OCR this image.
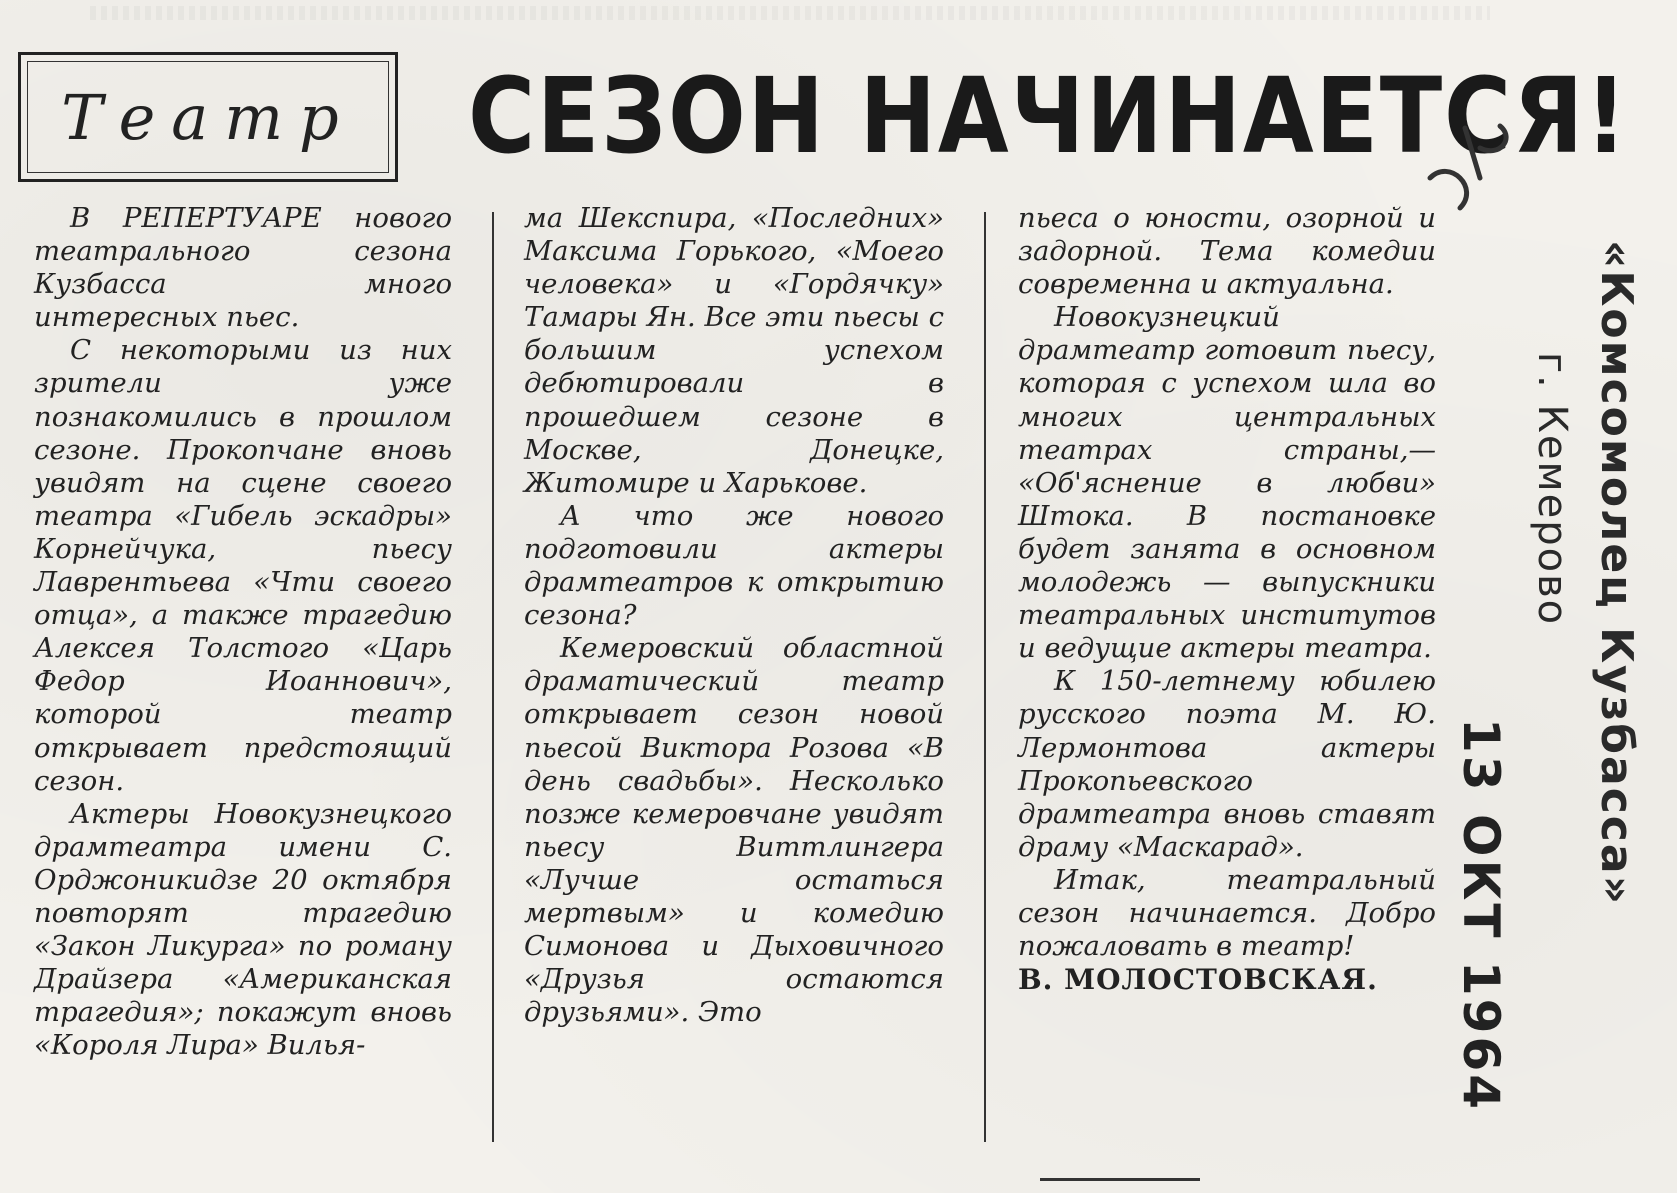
Театр	СЕЗОН НАЧИНАЕТСЯ!

В РЕПЕРТУАРЕ нового театрального сезона Кузбасса много интересных пьес.

С некоторыми из них зрители уже познакомились в прошлом сезоне. Прокопчане вновь увидят на сцене своего театра «Гибель эскадры» Корнейчука, пьесу Лаврентьева «Чти своего отца», а также трагедию Алексея Толстого «Царь Федор Иоаннович», которой театр открывает предстоящий сезон.

Актеры Новокузнецкого драмтеатра имени С. Орджоникидзе 20 октября повторят трагедию «Закон Ликурга» по роману Драйзера «Американская трагедия»; покажут вновь «Короля Лира» Вилья-

ма Шекспира, «Последних» Максима Горького, «Моего человека» и «Гордячку» Тамары Ян. Все эти пьесы с большим успехом дебютировали в прошедшем сезоне в Москве, Донецке, Житомире и Харькове.

А что же нового подготовили актеры драмтеатров к открытию сезона?

Кемеровский областной драматический театр открывает сезон новой пьесой Виктора Розова «В день свадьбы». Несколько позже кемеровчане увидят пьесу Виттлингера «Лучше остаться мертвым» и комедию Симонова и Дыховичного «Друзья остаются друзьями». Это

пьеса о юности, озорной и задорной. Тема комедии современна и актуальна.

Новокузнецкий драмтеатр готовит пьесу, которая с успехом шла во многих центральных театрах страны,— «Об'яснение в любви» Штока. В постановке будет занята в основном молодежь — выпускники театральных институтов и ведущие актеры театра.

К 150-летнему юбилею русского поэта М. Ю. Лермонтова актеры Прокопьевского драмтеатра вновь ставят драму «Маскарад».

Итак, театральный сезон начинается. Добро пожаловать в театр!

В. МОЛОСТОВСКАЯ.

«Комсомолец Кузбасса»
г. Кемерово
13 ОКТ 1964
